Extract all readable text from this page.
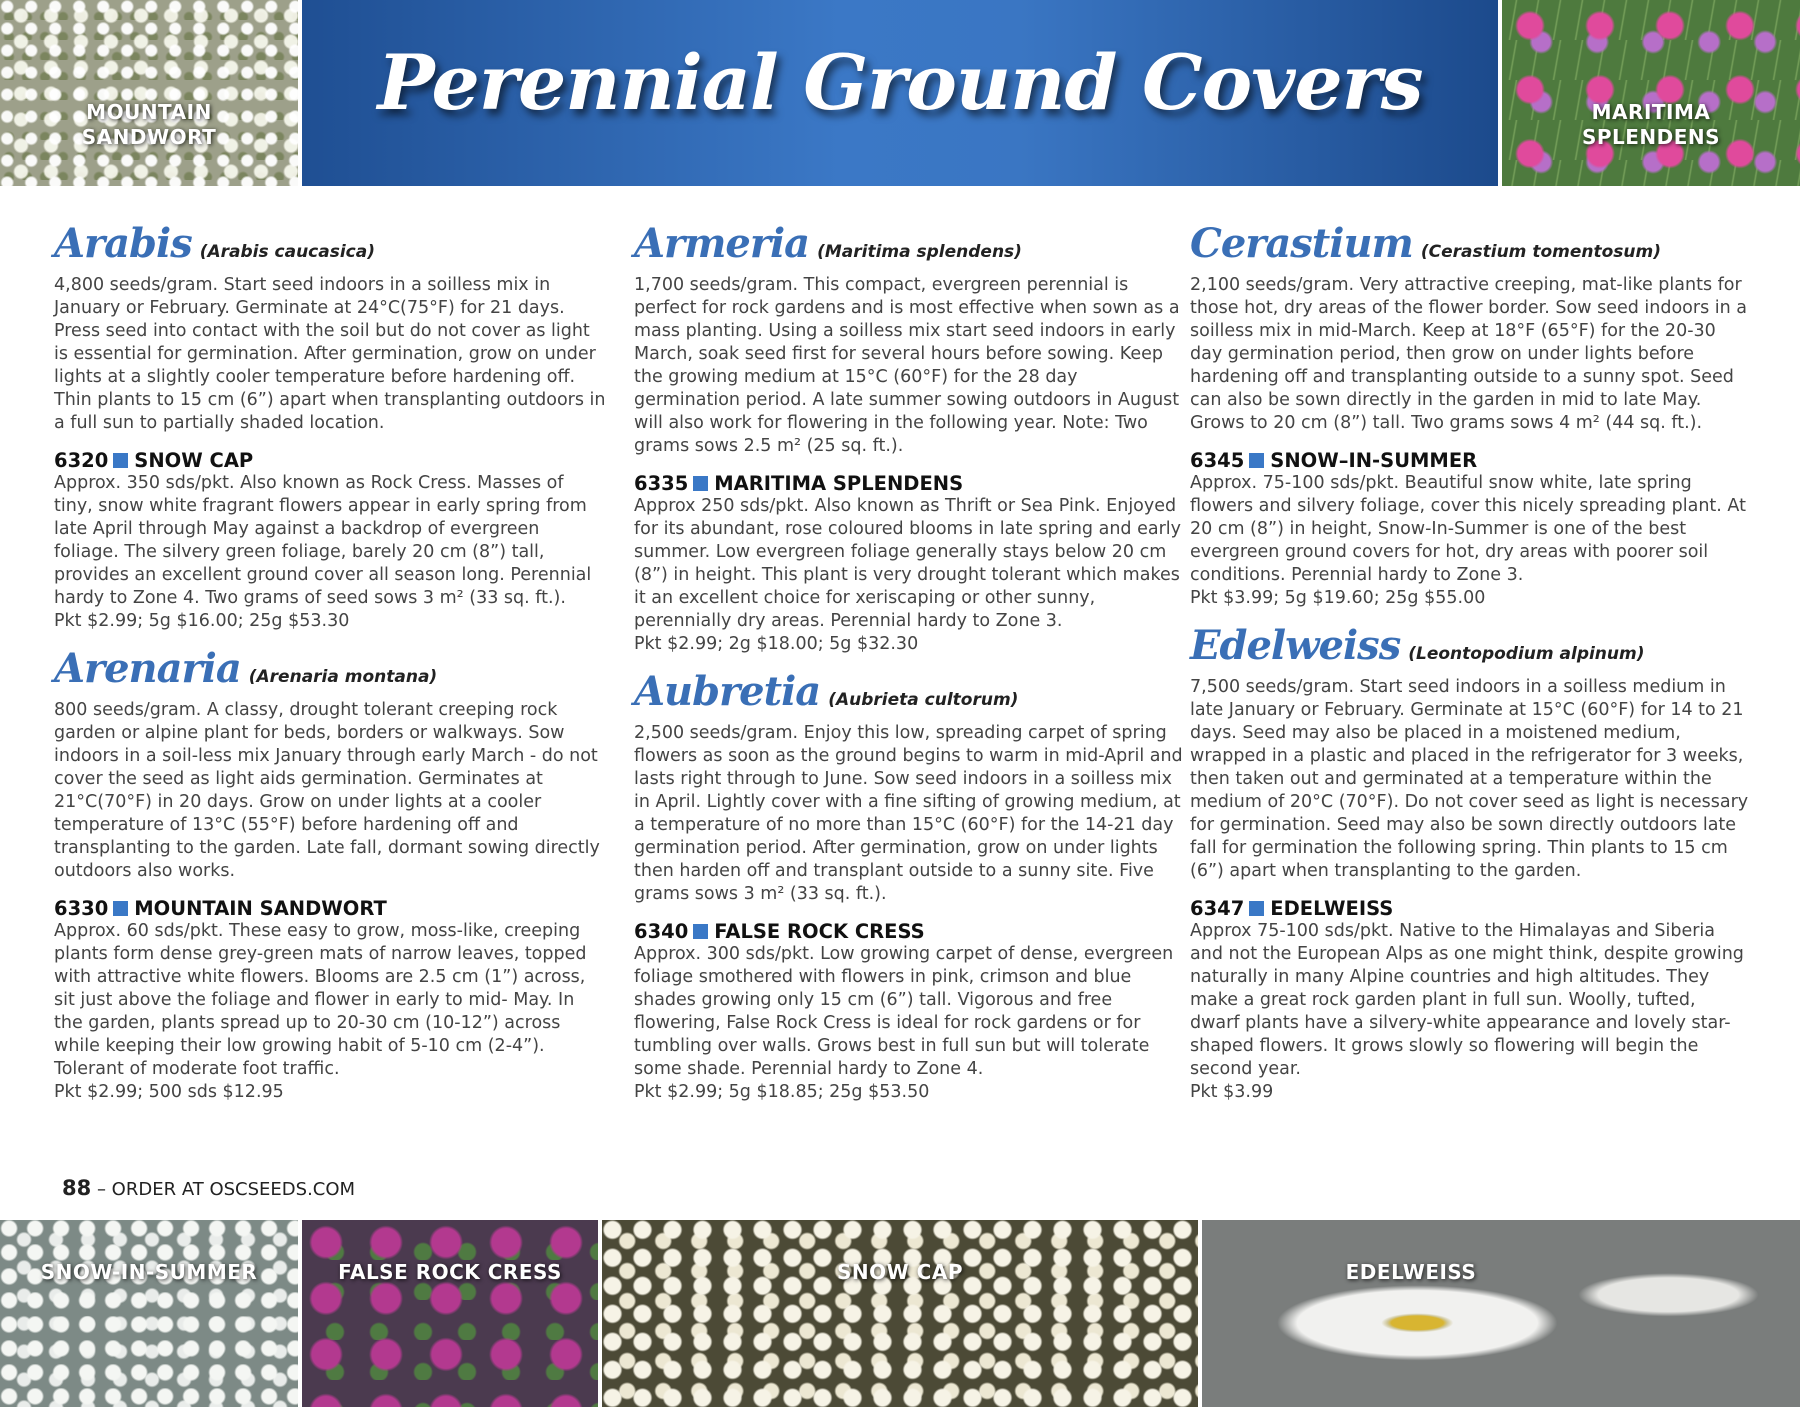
MOUNTAIN
SANDWORT
Perennial Ground Covers	MARITIMA
SPLENDENS
Arabis (Arabis caucasica)

4,800 seeds/gram. Start seed indoors in a soilless mix in January or February. Germinate at 24°C(75°F) for 21 days. Press seed into contact with the soil but do not cover as light is essential for germination. After germination, grow on under lights at a slightly cooler temperature before hardening off. Thin plants to 15 cm (6”) apart when transplanting outdoors in a full sun to partially shaded location.

6320 SNOW CAP

Approx. 350 sds/pkt. Also known as Rock Cress. Masses of tiny, snow white fragrant flowers appear in early spring from late April through May against a backdrop of evergreen foliage. The silvery green foliage, barely 20 cm (8”) tall, provides an excellent ground cover all season long. Perennial hardy to Zone 4. Two grams of seed sows 3 m² (33 sq. ft.).

Pkt $2.99; 5g $16.00; 25g $53.30

Arenaria (Arenaria montana)

800 seeds/gram. A classy, drought tolerant creeping rock garden or alpine plant for beds, borders or walkways. Sow indoors in a soil-less mix January through early March - do not cover the seed as light aids germination. Germinates at 21°C(70°F) in 20 days. Grow on under lights at a cooler temperature of 13°C (55°F) before hardening off and transplanting to the garden. Late fall, dormant sowing directly outdoors also works.

6330 MOUNTAIN SANDWORT

Approx. 60 sds/pkt. These easy to grow, moss-like, creeping plants form dense grey-green mats of narrow leaves, topped with attractive white flowers. Blooms are 2.5 cm (1”) across, sit just above the foliage and flower in early to mid- May. In the garden, plants spread up to 20-30 cm (10-12”) across while keeping their low growing habit of 5-10 cm (2-4”). Tolerant of moderate foot traffic.

Pkt $2.99; 500 sds $12.95

Armeria (Maritima splendens)

1,700 seeds/gram. This compact, evergreen perennial is perfect for rock gardens and is most effective when sown as a mass planting. Using a soilless mix start seed indoors in early March, soak seed first for several hours before sowing. Keep the growing medium at 15°C (60°F) for the 28 day germination period. A late summer sowing outdoors in August will also work for flowering in the following year. Note: Two grams sows 2.5 m² (25 sq. ft.).

6335 MARITIMA SPLENDENS

Approx 250 sds/pkt. Also known as Thrift or Sea Pink. Enjoyed for its abundant, rose coloured blooms in late spring and early summer. Low evergreen foliage generally stays below 20 cm (8”) in height. This plant is very drought tolerant which makes it an excellent choice for xeriscaping or other sunny, perennially dry areas. Perennial hardy to Zone 3.

Pkt $2.99; 2g $18.00; 5g $32.30

Aubretia (Aubrieta cultorum)

2,500 seeds/gram. Enjoy this low, spreading carpet of spring flowers as soon as the ground begins to warm in mid-April and lasts right through to June. Sow seed indoors in a soilless mix in April. Lightly cover with a fine sifting of growing medium, at a temperature of no more than 15°C (60°F) for the 14-21 day germination period. After germination, grow on under lights then harden off and transplant outside to a sunny site. Five grams sows 3 m² (33 sq. ft.).

6340 FALSE ROCK CRESS

Approx. 300 sds/pkt. Low growing carpet of dense, evergreen foliage smothered with flowers in pink, crimson and blue shades growing only 15 cm (6”) tall. Vigorous and free flowering, False Rock Cress is ideal for rock gardens or for tumbling over walls. Grows best in full sun but will tolerate some shade. Perennial hardy to Zone 4.

Pkt $2.99; 5g $18.85; 25g $53.50

Cerastium (Cerastium tomentosum)

2,100 seeds/gram. Very attractive creeping, mat-like plants for those hot, dry areas of the flower border. Sow seed indoors in a soilless mix in mid-March. Keep at 18°F (65°F) for the 20-30 day germination period, then grow on under lights before hardening off and transplanting outside to a sunny spot. Seed can also be sown directly in the garden in mid to late May. Grows to 20 cm (8”) tall. Two grams sows 4 m² (44 sq. ft.).

6345 SNOW–IN-SUMMER

Approx. 75-100 sds/pkt. Beautiful snow white, late spring flowers and silvery foliage, cover this nicely spreading plant. At 20 cm (8”) in height, Snow-In-Summer is one of the best evergreen ground covers for hot, dry areas with poorer soil conditions. Perennial hardy to Zone 3.

Pkt $3.99; 5g $19.60; 25g $55.00

Edelweiss (Leontopodium alpinum)

7,500 seeds/gram. Start seed indoors in a soilless medium in late January or February. Germinate at 15°C (60°F) for 14 to 21 days. Seed may also be placed in a moistened medium, wrapped in a plastic and placed in the refrigerator for 3 weeks, then taken out and germinated at a temperature within the medium of 20°C (70°F). Do not cover seed as light is necessary for germination. Seed may also be sown directly outdoors late fall for germination the following spring. Thin plants to 15 cm (6”) apart when transplanting to the garden.

6347 EDELWEISS

Approx 75-100 sds/pkt. Native to the Himalayas and Siberia and not the European Alps as one might think, despite growing naturally in many Alpine countries and high altitudes. They make a great rock garden plant in full sun. Woolly, tufted, dwarf plants have a silvery-white appearance and lovely star-shaped flowers. It grows slowly so flowering will begin the second year.

Pkt $3.99

88 – ORDER AT OSCSEEDS.COM
SNOW-IN-SUMMER	FALSE ROCK CRESS	SNOW CAP	EDELWEISS
